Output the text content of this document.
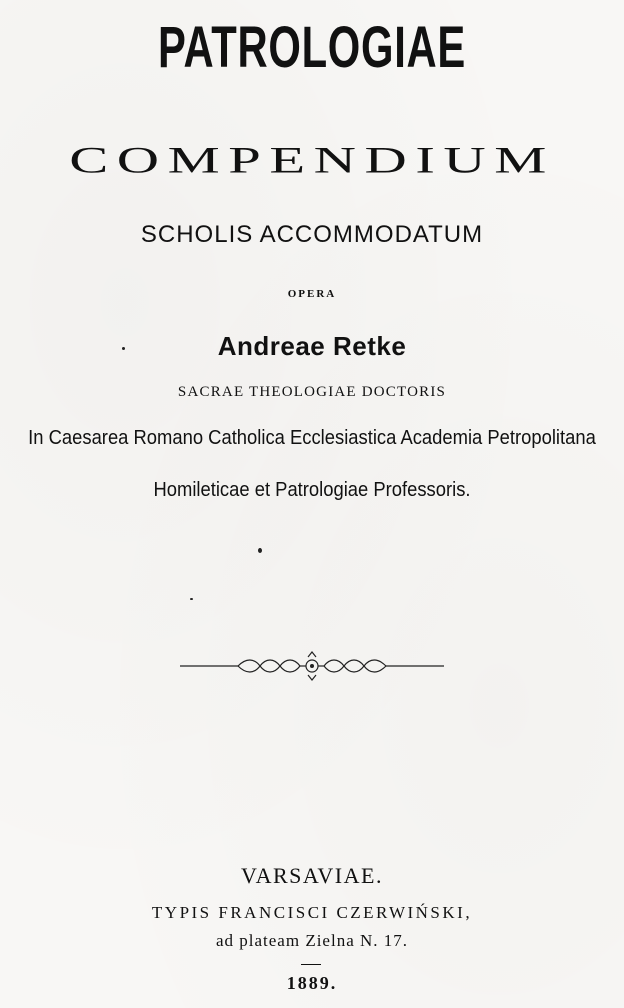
PATROLOGIAE
COMPENDIUM
SCHOLIS ACCOMMODATUM
OPERA
Andreae Retke
SACRAE THEOLOGIAE DOCTORIS
In Caesarea Romano Catholica Ecclesiastica Academia Petropolitana
Homileticae et Patrologiae Professoris.
VARSAVIAE.
TYPIS FRANCISCI CZERWIŃSKI,
ad plateam Zielna N. 17.
1889.
